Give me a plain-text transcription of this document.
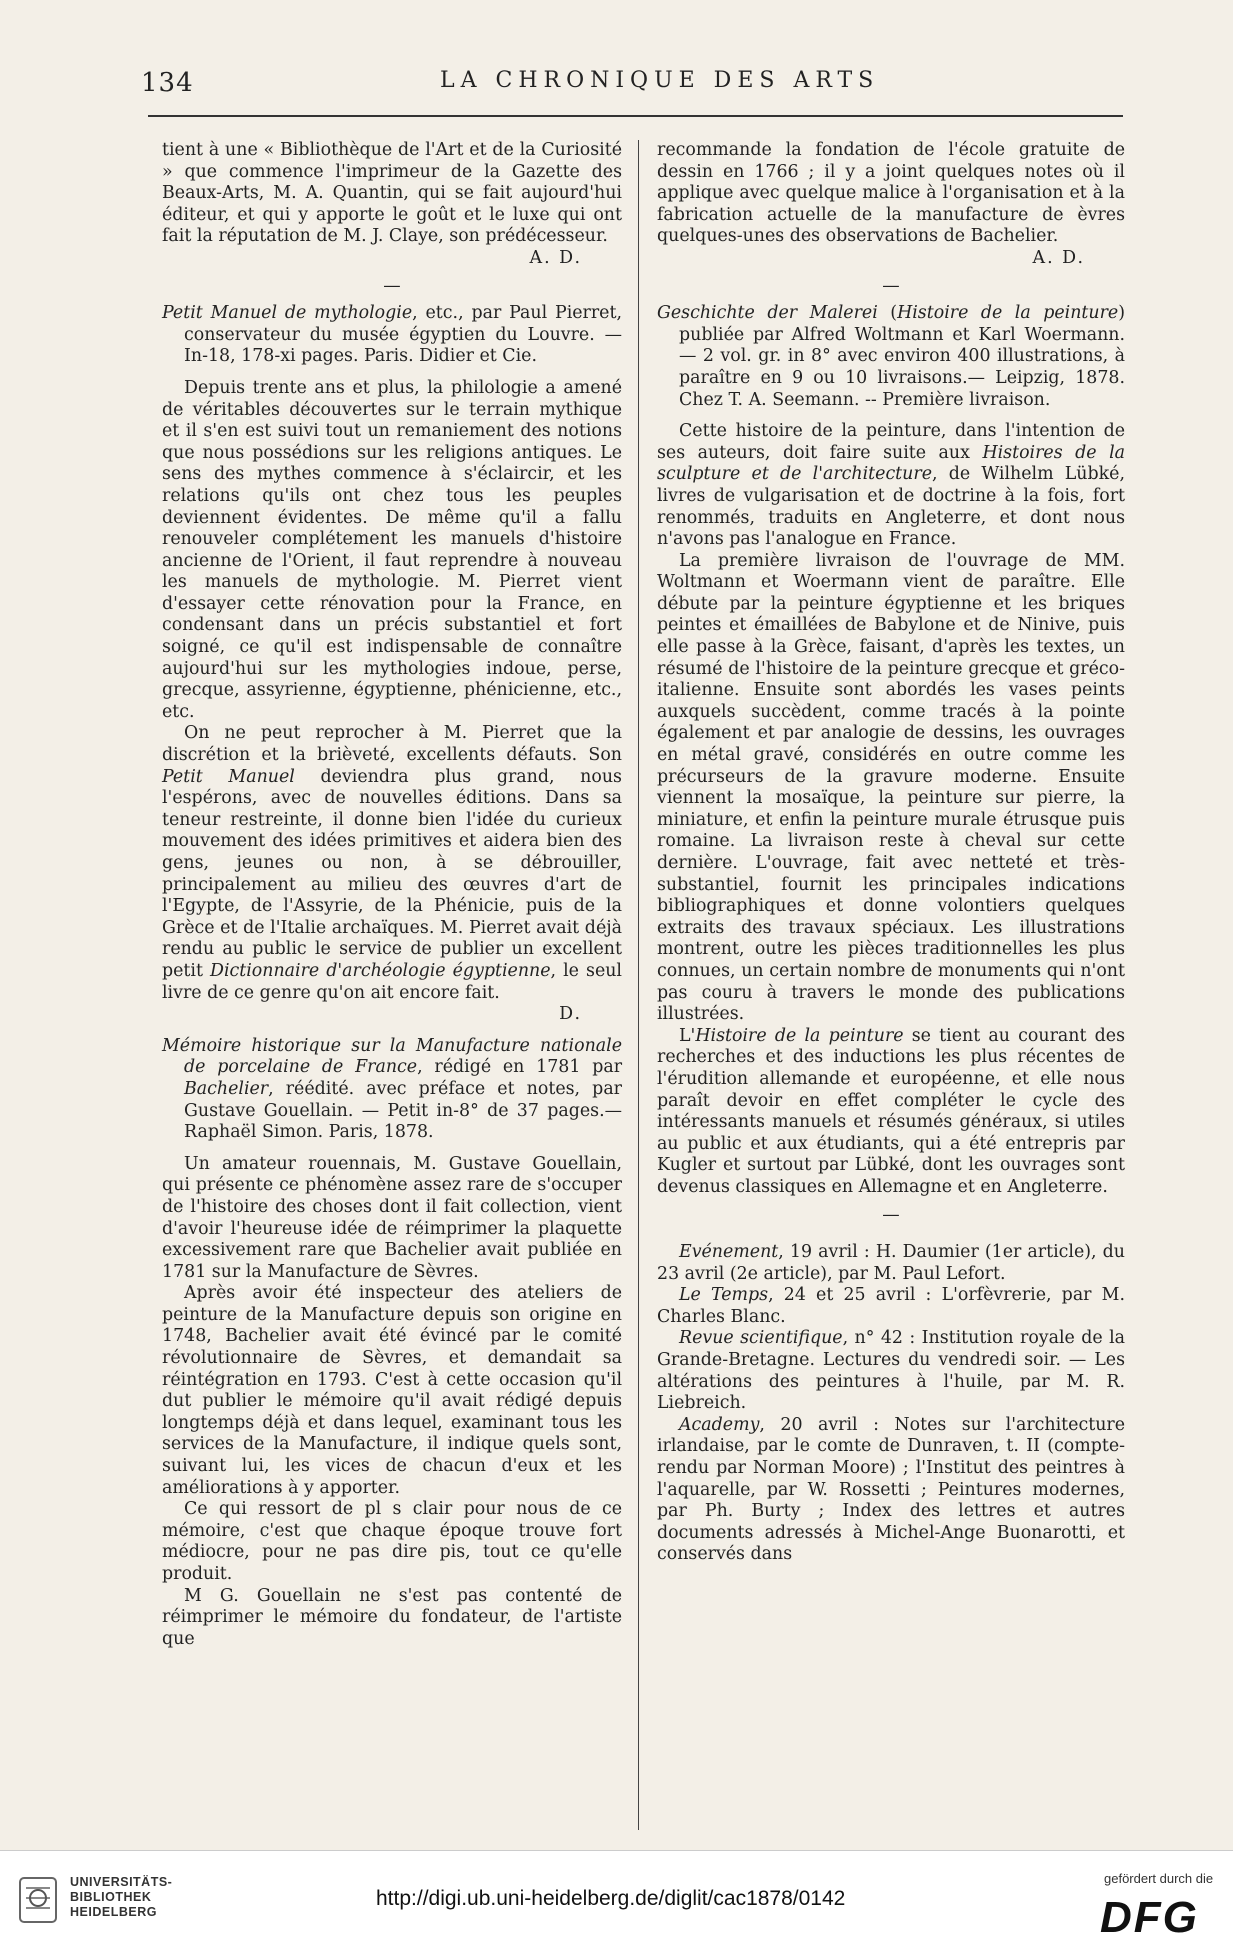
134	LA CHRONIQUE DES ARTS

tient à une « Bibliothèque de l'Art et de la Curiosité » que commence l'imprimeur de la Gazette des Beaux-Arts, M. A. Quantin, qui se fait aujourd'hui éditeur, et qui y apporte le goût et le luxe qui ont fait la réputation de M. J. Claye, son prédécesseur.

A. D.

—

Petit Manuel de mythologie, etc., par Paul Pierret, conservateur du musée égyptien du Louvre. — In-18, 178-xi pages. Paris. Didier et Cie.

Depuis trente ans et plus, la philologie a amené de véritables découvertes sur le terrain mythique et il s'en est suivi tout un remaniement des notions que nous possédions sur les religions antiques. Le sens des mythes commence à s'éclaircir, et les relations qu'ils ont chez tous les peuples deviennent évidentes. De même qu'il a fallu renouveler complétement les manuels d'histoire ancienne de l'Orient, il faut reprendre à nouveau les manuels de mythologie. M. Pierret vient d'essayer cette rénovation pour la France, en condensant dans un précis substantiel et fort soigné, ce qu'il est indispensable de connaître aujourd'hui sur les mythologies indoue, perse, grecque, assyrienne, égyptienne, phénicienne, etc., etc.

On ne peut reprocher à M. Pierret que la discrétion et la brièveté, excellents défauts. Son Petit Manuel deviendra plus grand, nous l'espérons, avec de nouvelles éditions. Dans sa teneur restreinte, il donne bien l'idée du curieux mouvement des idées primitives et aidera bien des gens, jeunes ou non, à se débrouiller, principalement au milieu des œuvres d'art de l'Egypte, de l'Assyrie, de la Phénicie, puis de la Grèce et de l'Italie archaïques. M. Pierret avait déjà rendu au public le service de publier un excellent petit Dictionnaire d'archéologie égyptienne, le seul livre de ce genre qu'on ait encore fait.

D.

Mémoire historique sur la Manufacture nationale de porcelaine de France, rédigé en 1781 par Bachelier, réédité. avec préface et notes, par Gustave Gouellain. — Petit in-8° de 37 pages.— Raphaël Simon. Paris, 1878.

Un amateur rouennais, M. Gustave Gouellain, qui présente ce phénomène assez rare de s'occuper de l'histoire des choses dont il fait collection, vient d'avoir l'heureuse idée de réimprimer la plaquette excessivement rare que Bachelier avait publiée en 1781 sur la Manufacture de Sèvres.

Après avoir été inspecteur des ateliers de peinture de la Manufacture depuis son origine en 1748, Bachelier avait été évincé par le comité révolutionnaire de Sèvres, et demandait sa réintégration en 1793. C'est à cette occasion qu'il dut publier le mémoire qu'il avait rédigé depuis longtemps déjà et dans lequel, examinant tous les services de la Manufacture, il indique quels sont, suivant lui, les vices de chacun d'eux et les améliorations à y apporter.

Ce qui ressort de pl s clair pour nous de ce mémoire, c'est que chaque époque trouve fort médiocre, pour ne pas dire pis, tout ce qu'elle produit.

M G. Gouellain ne s'est pas contenté de réimprimer le mémoire du fondateur, de l'artiste que

recommande la fondation de l'école gratuite de dessin en 1766 ; il y a joint quelques notes où il applique avec quelque malice à l'organisation et à la fabrication actuelle de la manufacture de èvres quelques-unes des observations de Bachelier.

A. D.

—

Geschichte der Malerei (Histoire de la peinture) publiée par Alfred Woltmann et Karl Woermann. — 2 vol. gr. in 8° avec environ 400 illustrations, à paraître en 9 ou 10 livraisons.— Leipzig, 1878. Chez T. A. Seemann. -- Première livraison.

Cette histoire de la peinture, dans l'intention de ses auteurs, doit faire suite aux Histoires de la sculpture et de l'architecture, de Wilhelm Lübké, livres de vulgarisation et de doctrine à la fois, fort renommés, traduits en Angleterre, et dont nous n'avons pas l'analogue en France.

La première livraison de l'ouvrage de MM. Woltmann et Woermann vient de paraître. Elle débute par la peinture égyptienne et les briques peintes et émaillées de Babylone et de Ninive, puis elle passe à la Grèce, faisant, d'après les textes, un résumé de l'histoire de la peinture grecque et gréco-italienne. Ensuite sont abordés les vases peints auxquels succèdent, comme tracés à la pointe également et par analogie de dessins, les ouvrages en métal gravé, considérés en outre comme les précurseurs de la gravure moderne. Ensuite viennent la mosaïque, la peinture sur pierre, la miniature, et enfin la peinture murale étrusque puis romaine. La livraison reste à cheval sur cette dernière. L'ouvrage, fait avec netteté et très-substantiel, fournit les principales indications bibliographiques et donne volontiers quelques extraits des travaux spéciaux. Les illustrations montrent, outre les pièces traditionnelles les plus connues, un certain nombre de monuments qui n'ont pas couru à travers le monde des publications illustrées.

L'Histoire de la peinture se tient au courant des recherches et des inductions les plus récentes de l'érudition allemande et européenne, et elle nous paraît devoir en effet compléter le cycle des intéressants manuels et résumés généraux, si utiles au public et aux étudiants, qui a été entrepris par Kugler et surtout par Lübké, dont les ouvrages sont devenus classiques en Allemagne et en Angleterre.

—

Evénement, 19 avril : H. Daumier (1er article), du 23 avril (2e article), par M. Paul Lefort.

Le Temps, 24 et 25 avril : L'orfèvrerie, par M. Charles Blanc.

Revue scientifique, n° 42 : Institution royale de la Grande-Bretagne. Lectures du vendredi soir. — Les altérations des peintures à l'huile, par M. R. Liebreich.

Academy, 20 avril : Notes sur l'architecture irlandaise, par le comte de Dunraven, t. II (compte-rendu par Norman Moore) ; l'Institut des peintres à l'aquarelle, par W. Rossetti ; Peintures modernes, par Ph. Burty ; Index des lettres et autres documents adressés à Michel-Ange Buonarotti, et conservés dans

UNIVERSITÄTS-
BIBLIOTHEK
HEIDELBERG
http://digi.ub.uni-heidelberg.de/diglit/cac1878/0142
gefördert durch die
DFG
